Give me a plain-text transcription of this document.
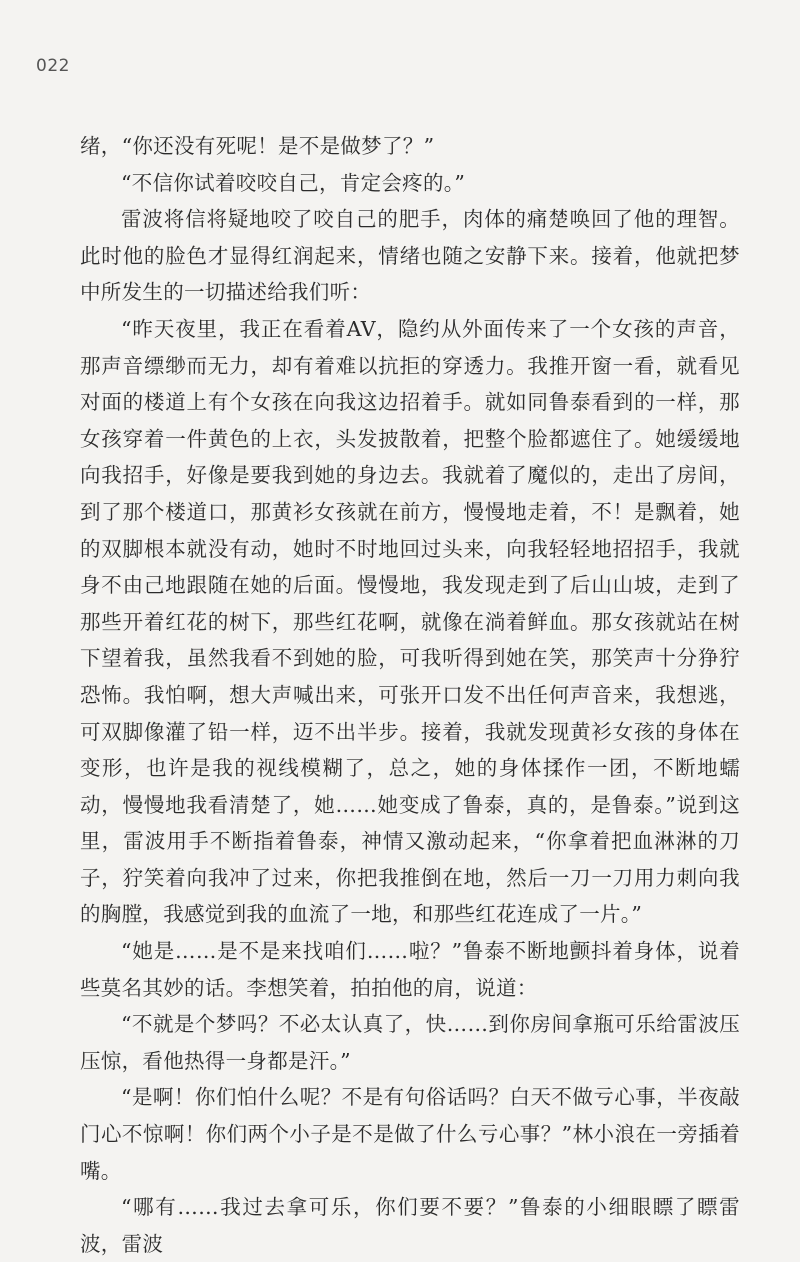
022

绪，“你还没有死呢！是不是做梦了？”

“不信你试着咬咬自己，肯定会疼的。”

雷波将信将疑地咬了咬自己的肥手，肉体的痛楚唤回了他的理智。此时他的脸色才显得红润起来，情绪也随之安静下来。接着，他就把梦中所发生的一切描述给我们听：

“昨天夜里，我正在看着AV，隐约从外面传来了一个女孩的声音，那声音缥缈而无力，却有着难以抗拒的穿透力。我推开窗一看，就看见对面的楼道上有个女孩在向我这边招着手。就如同鲁泰看到的一样，那女孩穿着一件黄色的上衣，头发披散着，把整个脸都遮住了。她缓缓地向我招手，好像是要我到她的身边去。我就着了魔似的，走出了房间，到了那个楼道口，那黄衫女孩就在前方，慢慢地走着，不！是飘着，她的双脚根本就没有动，她时不时地回过头来，向我轻轻地招招手，我就身不由己地跟随在她的后面。慢慢地，我发现走到了后山山坡，走到了那些开着红花的树下，那些红花啊，就像在淌着鲜血。那女孩就站在树下望着我，虽然我看不到她的脸，可我听得到她在笑，那笑声十分狰狞恐怖。我怕啊，想大声喊出来，可张开口发不出任何声音来，我想逃，可双脚像灌了铅一样，迈不出半步。接着，我就发现黄衫女孩的身体在变形，也许是我的视线模糊了，总之，她的身体揉作一团，不断地蠕动，慢慢地我看清楚了，她……她变成了鲁泰，真的，是鲁泰。”说到这里，雷波用手不断指着鲁泰，神情又激动起来，“你拿着把血淋淋的刀子，狞笑着向我冲了过来，你把我推倒在地，然后一刀一刀用力刺向我的胸膛，我感觉到我的血流了一地，和那些红花连成了一片。”

“她是……是不是来找咱们……啦？”鲁泰不断地颤抖着身体，说着些莫名其妙的话。李想笑着，拍拍他的肩，说道：

“不就是个梦吗？不必太认真了，快……到你房间拿瓶可乐给雷波压压惊，看他热得一身都是汗。”

“是啊！你们怕什么呢？不是有句俗话吗？白天不做亏心事，半夜敲门心不惊啊！你们两个小子是不是做了什么亏心事？”林小浪在一旁插着嘴。

“哪有……我过去拿可乐，你们要不要？”鲁泰的小细眼瞟了瞟雷波，雷波
